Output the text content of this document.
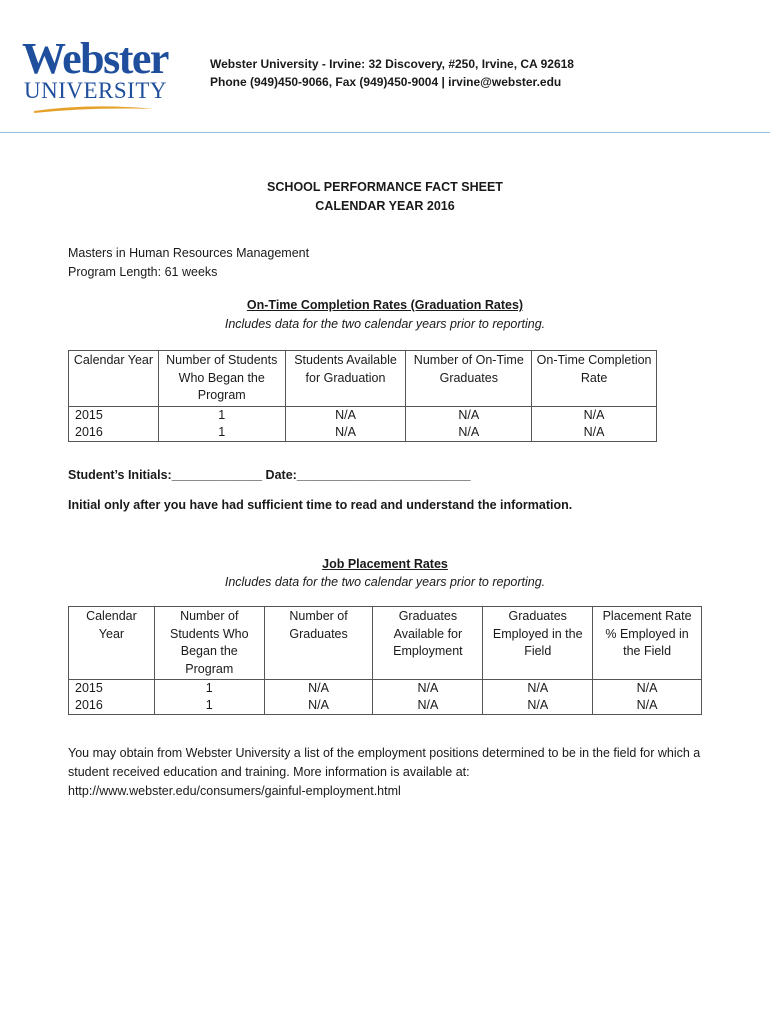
Webster
UNIVERSITY
Webster University - Irvine: 32 Discovery, #250, Irvine, CA 92618
Phone (949)450-9066, Fax (949)450-9004 | irvine@webster.edu
SCHOOL PERFORMANCE FACT SHEET
CALENDAR YEAR 2016
Masters in Human Resources Management
Program Length: 61 weeks
On-Time Completion Rates (Graduation Rates)
Includes data for the two calendar years prior to reporting.
Calendar Year	Number of Students Who Began the Program	Students Available for Graduation	Number of On-Time Graduates	On-Time Completion Rate
2015	1	N/A	N/A	N/A
2016	1	N/A	N/A	N/A
Student’s Initials:_____________ Date:_________________________
Initial only after you have had sufficient time to read and understand the information.
Job Placement Rates
Includes data for the two calendar years prior to reporting.
Calendar Year	Number of Students Who Began the Program	Number of Graduates	Graduates Available for Employment	Graduates Employed in the Field	Placement Rate % Employed in the Field
2015	1	N/A	N/A	N/A	N/A
2016	1	N/A	N/A	N/A	N/A
You may obtain from Webster University a list of the employment positions determined to be in the field for which a student received education and training. More information is available at:
http://www.webster.edu/consumers/gainful-employment.html
